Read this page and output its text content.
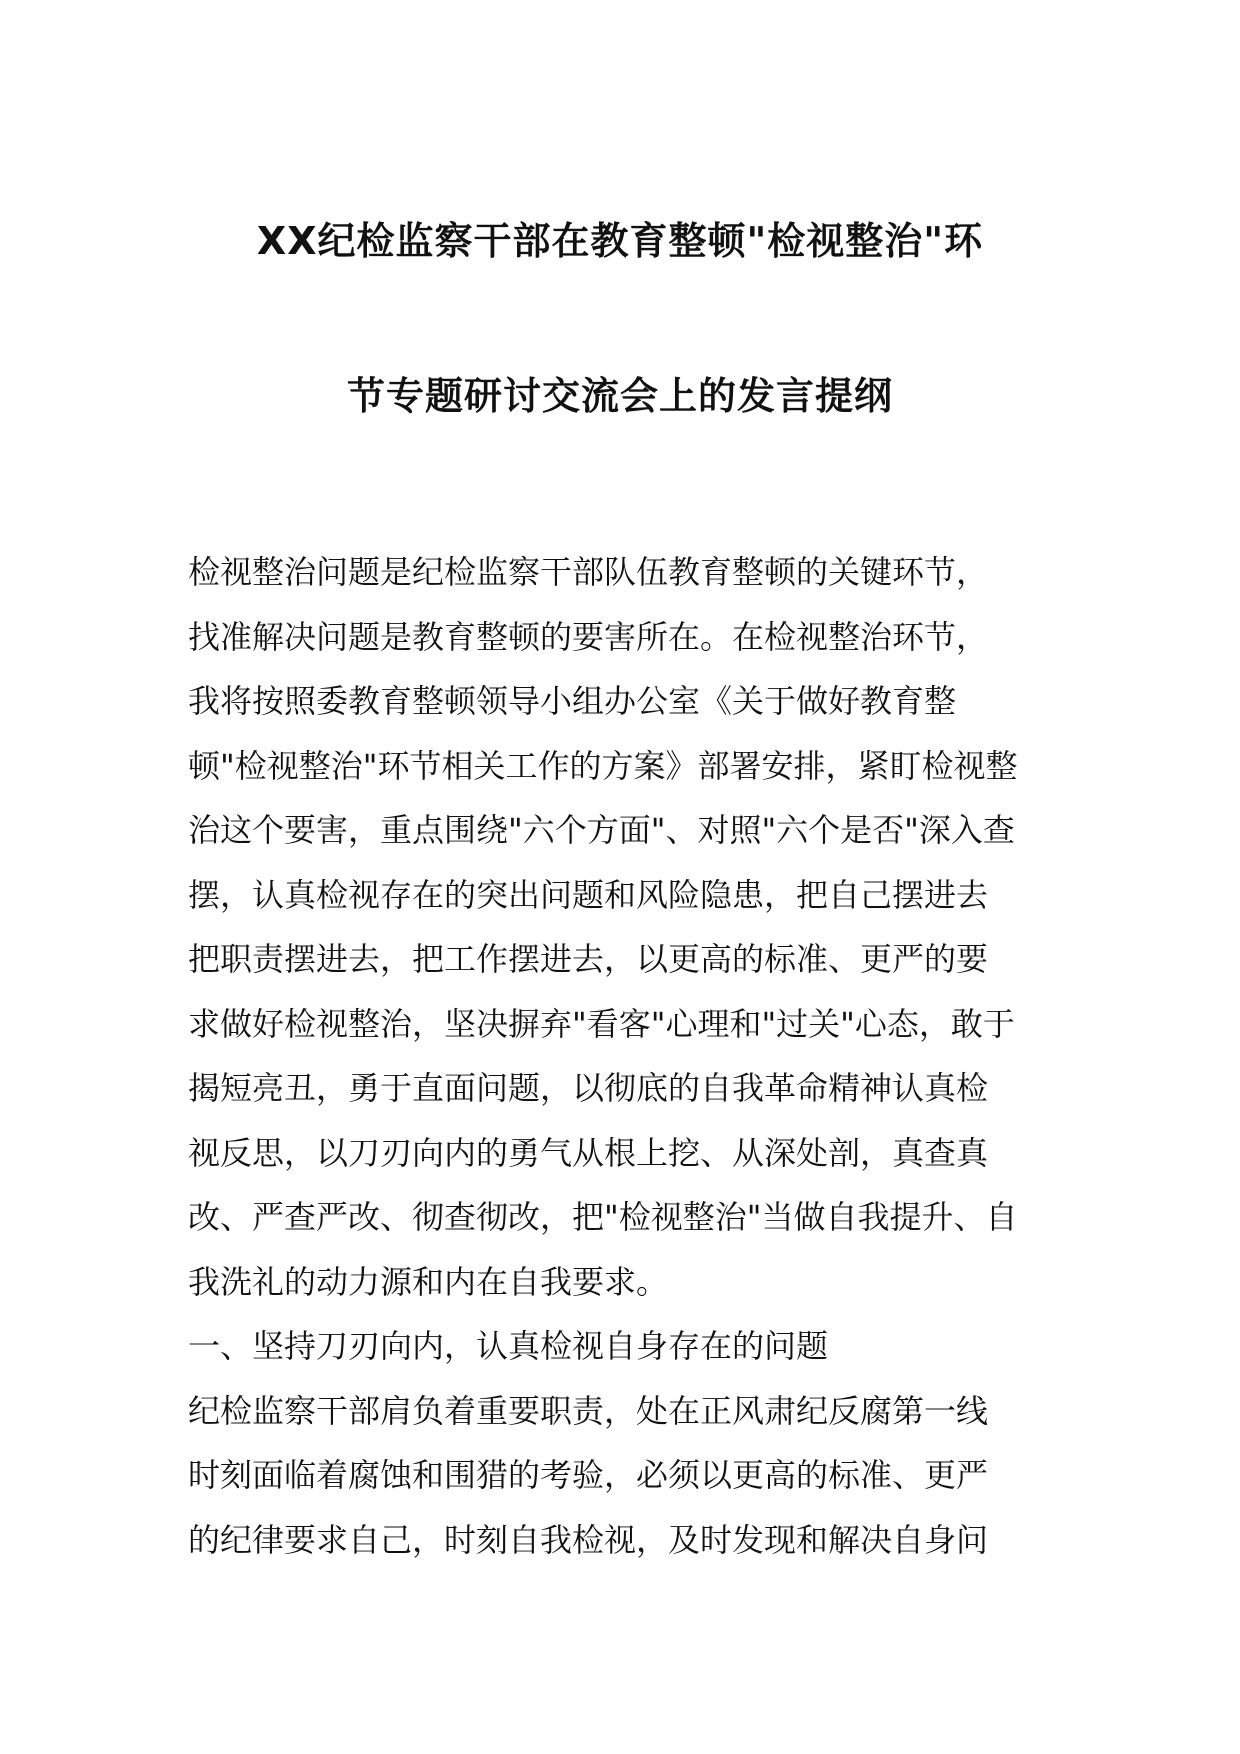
XX纪检监察干部在教育整顿"检视整治"环
节专题研讨交流会上的发言提纲

检视整治问题是纪检监察干部队伍教育整顿的关键环节，

找准解决问题是教育整顿的要害所在。在检视整治环节，

我将按照委教育整顿领导小组办公室《关于做好教育整

顿"检视整治"环节相关工作的方案》部署安排，紧盯检视整

治这个要害，重点围绕"六个方面"、对照"六个是否"深入查

摆，认真检视存在的突出问题和风险隐患，把自己摆进去

把职责摆进去，把工作摆进去，以更高的标准、更严的要

求做好检视整治，坚决摒弃"看客"心理和"过关"心态，敢于

揭短亮丑，勇于直面问题，以彻底的自我革命精神认真检

视反思，以刀刃向内的勇气从根上挖、从深处剖，真查真

改、严查严改、彻查彻改，把"检视整治"当做自我提升、自

我洗礼的动力源和内在自我要求。

一、坚持刀刃向内，认真检视自身存在的问题

纪检监察干部肩负着重要职责，处在正风肃纪反腐第一线

时刻面临着腐蚀和围猎的考验，必须以更高的标准、更严

的纪律要求自己，时刻自我检视，及时发现和解决自身问
